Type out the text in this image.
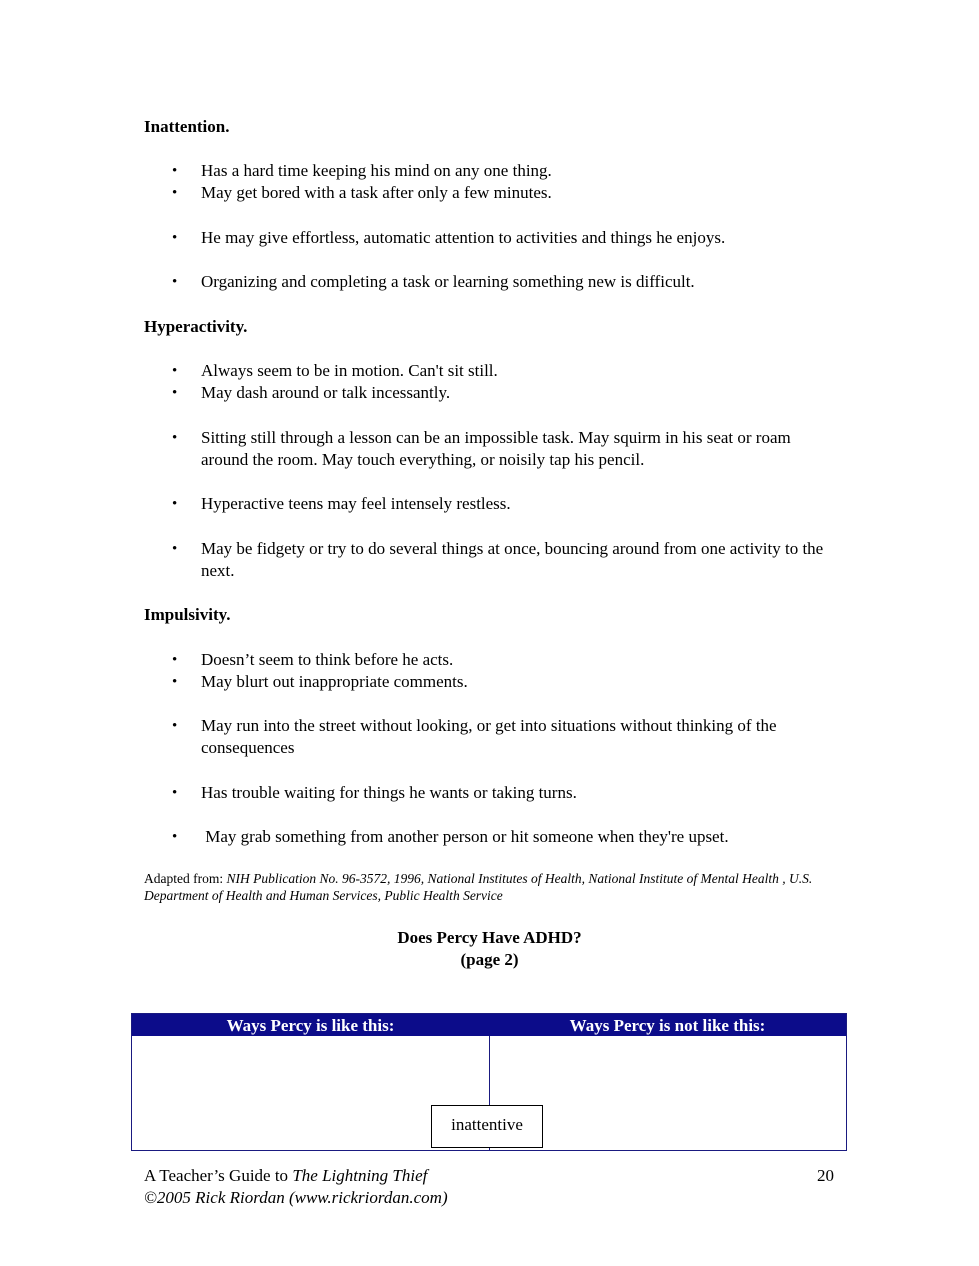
Inattention.
• Has a hard time keeping his mind on any one thing.
• May get bored with a task after only a few minutes.
• He may give effortless, automatic attention to activities and things he enjoys.
• Organizing and completing a task or learning something new is difficult.
Hyperactivity.
• Always seem to be in motion. Can't sit still.
• May dash around or talk incessantly.
• Sitting still through a lesson can be an impossible task. May squirm in his seat or roam around the room. May touch everything, or noisily tap his pencil.
• Hyperactive teens may feel intensely restless.
• May be fidgety or try to do several things at once, bouncing around from one activity to the next.
Impulsivity.
• Doesn’t seem to think before he acts.
• May blurt out inappropriate comments.
• May run into the street without looking, or get into situations without thinking of the consequences
• Has trouble waiting for things he wants or taking turns.
• May grab something from another person or hit someone when they're upset.
Adapted from: NIH Publication No. 96-3572, 1996, National Institutes of Health, National Institute of Mental Health , U.S. Department of Health and Human Services, Public Health Service
Does Percy Have ADHD?
(page 2)
Ways Percy is like this:	Ways Percy is not like this:
inattentive
A Teacher’s Guide to The Lightning Thief
©2005 Rick Riordan (www.rickriordan.com)
20
